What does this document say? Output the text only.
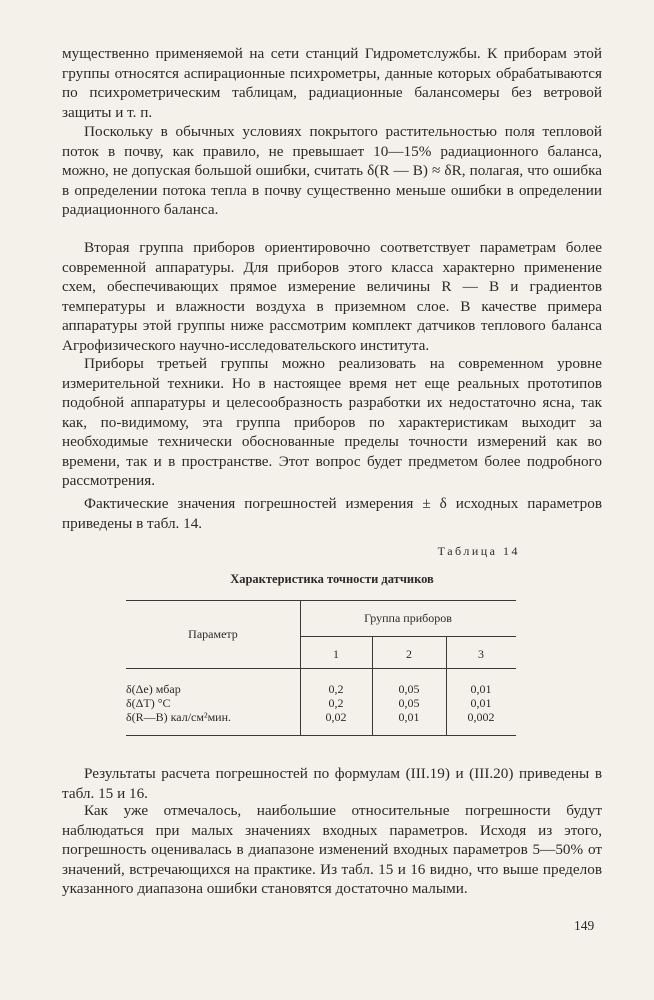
мущественно применяемой на сети станций Гидрометслужбы. К приборам этой группы относятся аспирационные психрометры, данные которых обрабатываются по психрометрическим таблицам, радиационные балансомеры без ветровой защиты и т. п.

Поскольку в обычных условиях покрытого растительностью поля тепловой поток в почву, как правило, не превышает 10—15% радиационного баланса, можно, не допуская большой ошибки, считать δ(R — B) ≈ δR, полагая, что ошибка в определении потока тепла в почву существенно меньше ошибки в определении радиационного баланса.

Вторая группа приборов ориентировочно соответствует параметрам более современной аппаратуры. Для приборов этого класса характерно применение схем, обеспечивающих прямое измерение величины R — B и градиентов температуры и влажности воздуха в приземном слое. В качестве примера аппаратуры этой группы ниже рассмотрим комплект датчиков теплового баланса Агрофизического научно-исследовательского института.

Приборы третьей группы можно реализовать на современном уровне измерительной техники. Но в настоящее время нет еще реальных прототипов подобной аппаратуры и целесообразность разработки их недостаточно ясна, так как, по-видимому, эта группа приборов по характеристикам выходит за необходимые технически обоснованные пределы точности измерений как во времени, так и в пространстве. Этот вопрос будет предметом более подробного рассмотрения.

Фактические значения погрешностей измерения ± δ исходных параметров приведены в табл. 14.

Таблица 14
Характеристика точности датчиков
Параметр
Группа приборов
1	2	3
δ(Δe) мбар	0,2	0,05	0,01
δ(ΔT) °C	0,2	0,05	0,01
δ(R—B) кал/см²мин.	0,02	0,01	0,002

Результаты расчета погрешностей по формулам (III.19) и (III.20) приведены в табл. 15 и 16.

Как уже отмечалось, наибольшие относительные погрешности будут наблюдаться при малых значениях входных параметров. Исходя из этого, погрешность оценивалась в диапазоне изменений входных параметров 5—50% от значений, встречающихся на практике. Из табл. 15 и 16 видно, что выше пределов указанного диапазона ошибки становятся достаточно малыми.

149
